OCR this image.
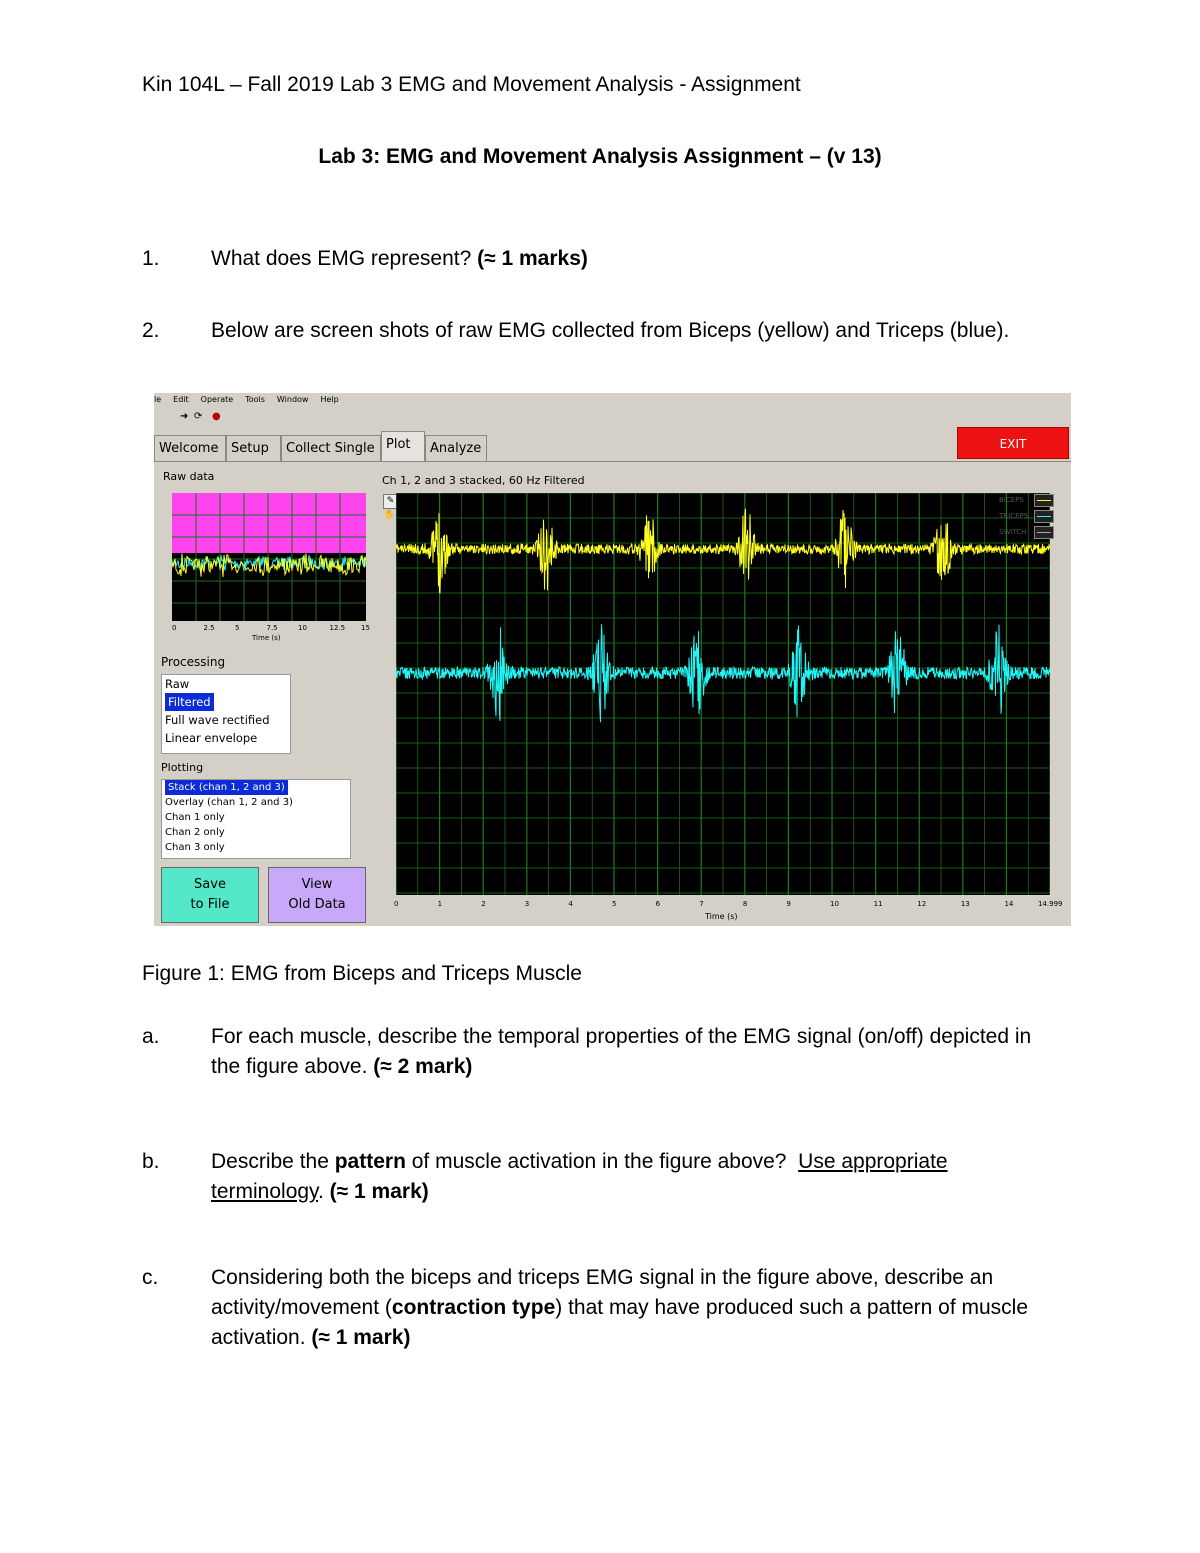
Kin 104L – Fall 2019 Lab 3 EMG and Movement Analysis - Assignment
Lab 3: EMG and Movement Analysis Assignment – (v 13)
1. What does EMG represent? (≈ 1 marks)
2. Below are screen shots of raw EMG collected from Biceps (yellow) and Triceps (blue).
le Edit Operate Tools Window Help
➜ ⟳ ●
Welcome Setup	Collect Single Plot	Analyze	EXIT
Raw data
0	2.5	5	7.5	10	12.5 15
Time (s)
Processing
Raw
Filtered
Full wave rectified
Linear envelope
Plotting
Stack (chan 1, 2 and 3)
Overlay (chan 1, 2 and 3)
Chan 1 only
Chan 2 only
Chan 3 only
Save
to File
View
Old Data
Ch 1, 2 and 3 stacked, 60 Hz Filtered
✎
✋
BICEPS
TRICEPS
SWITCH
0	1	2	3	4	5	6	7	8	9	10	11	12	13	14	14.999
Time (s)
Figure 1: EMG from Biceps and Triceps Muscle
a. For each muscle, describe the temporal properties of the EMG signal (on/off) depicted in the figure above. (≈ 2 mark)
b. Describe the pattern of muscle activation in the figure above?  Use appropriate terminology. (≈ 1 mark)
c.	Considering both the biceps and triceps EMG signal in the figure above, describe an activity/movement (contraction type) that may have produced such a pattern of muscle activation. (≈ 1 mark)
